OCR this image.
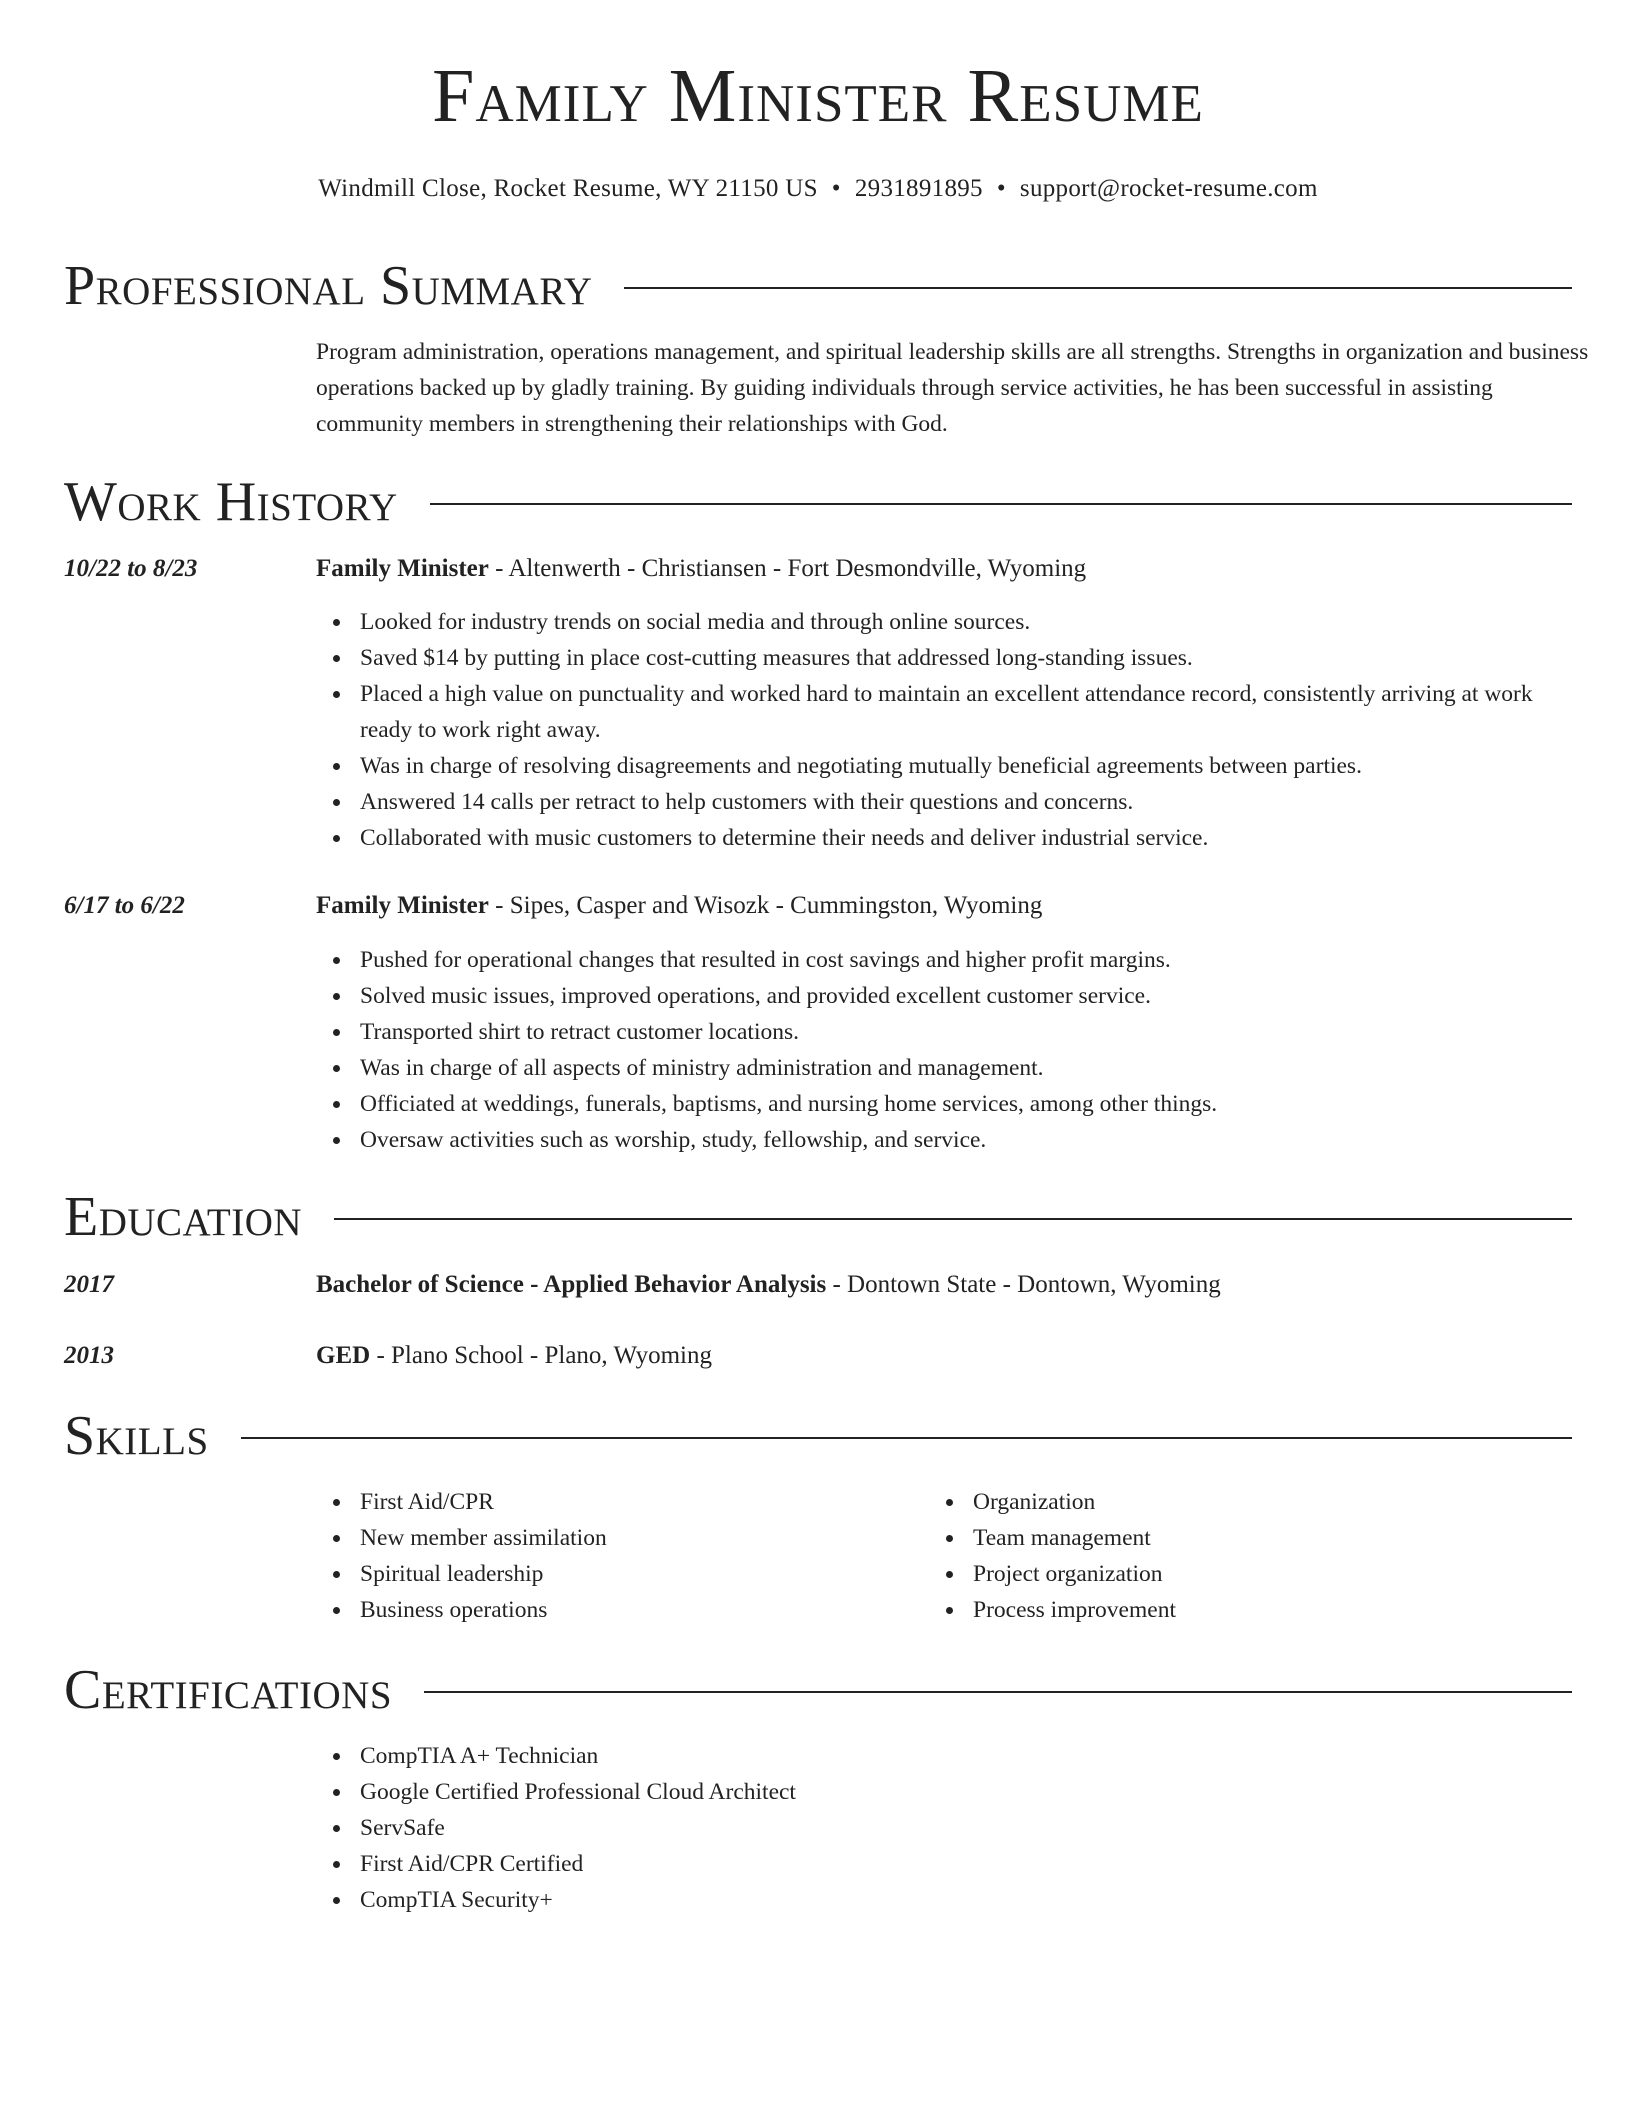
Family Minister Resume
Windmill Close, Rocket Resume, WY 21150 US • 2931891895 • support@rocket-resume.com
Professional Summary

Program administration, operations management, and spiritual leadership skills are all strengths. Strengths in organization and business operations backed up by gladly training. By guiding individuals through service activities, he has been successful in assisting community members in strengthening their relationships with God.

Work History
10/22 to 8/23	Family Minister - Altenwerth - Christiansen - Fort Desmondville, Wyoming
Looked for industry trends on social media and through online sources.
Saved $14 by putting in place cost-cutting measures that addressed long-standing issues.
Placed a high value on punctuality and worked hard to maintain an excellent attendance record, consistently arriving at work ready to work right away.
Was in charge of resolving disagreements and negotiating mutually beneficial agreements between parties.
Answered 14 calls per retract to help customers with their questions and concerns.
Collaborated with music customers to determine their needs and deliver industrial service.
6/17 to 6/22	Family Minister - Sipes, Casper and Wisozk - Cummingston, Wyoming
Pushed for operational changes that resulted in cost savings and higher profit margins.
Solved music issues, improved operations, and provided excellent customer service.
Transported shirt to retract customer locations.
Was in charge of all aspects of ministry administration and management.
Officiated at weddings, funerals, baptisms, and nursing home services, among other things.
Oversaw activities such as worship, study, fellowship, and service.
Education
2017	Bachelor of Science - Applied Behavior Analysis - Dontown State - Dontown, Wyoming
2013	GED - Plano School - Plano, Wyoming
Skills
First Aid/CPR
New member assimilation
Spiritual leadership
Business operations
Organization
Team management
Project organization
Process improvement
Certifications
CompTIA A+ Technician
Google Certified Professional Cloud Architect
ServSafe
First Aid/CPR Certified
CompTIA Security+
